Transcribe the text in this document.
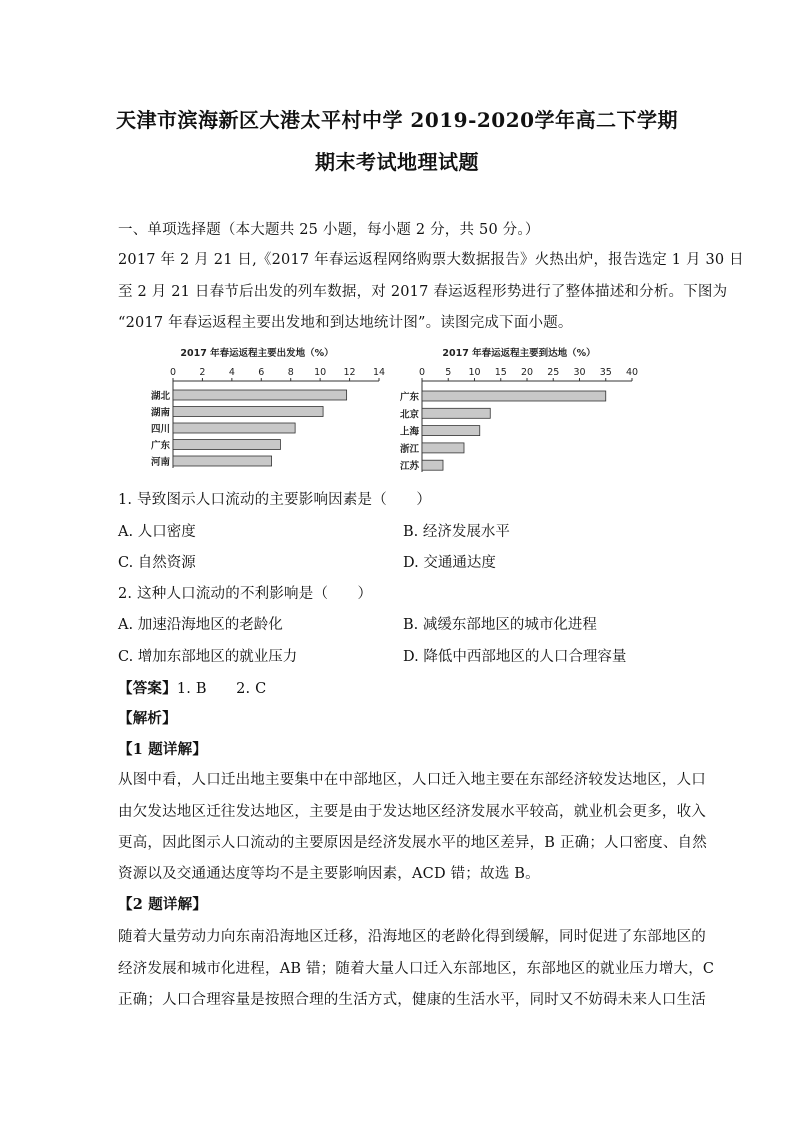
天津市滨海新区大港太平村中学 2019-2020学年高二下学期
期末考试地理试题
一、单项选择题（本大题共 25 小题，每小题 2 分，共 50 分。）
2017 年 2 月 21 日,《2017 年春运返程网络购票大数据报告》火热出炉，报告选定 1 月 30 日
至 2 月 21 日春节后出发的列车数据，对 2017 春运返程形势进行了整体描述和分析。下图为
“2017 年春运返程主要出发地和到达地统计图”。读图完成下面小题。
2017 年春运返程主要出发地（%）
0 2 4 6 8 10 12 14
湖北
湖南
四川
广东
河南
2017 年春运返程主要到达地（%）
0 5 10 15 20 25 30 35 40
广东
北京
上海
浙江
江苏
1. 导致图示人口流动的主要影响因素是（　　）
A. 人口密度	B. 经济发展水平
C. 自然资源	D. 交通通达度
2. 这种人口流动的不利影响是（　　）
A. 加速沿海地区的老龄化	B. 减缓东部地区的城市化进程
C. 增加东部地区的就业压力	D. 降低中西部地区的人口合理容量
【答案】1. B　　2. C
【解析】
【1 题详解】
从图中看，人口迁出地主要集中在中部地区，人口迁入地主要在东部经济较发达地区，人口
由欠发达地区迁往发达地区，主要是由于发达地区经济发展水平较高，就业机会更多，收入
更高，因此图示人口流动的主要原因是经济发展水平的地区差异，B 正确；人口密度、自然
资源以及交通通达度等均不是主要影响因素，ACD 错；故选 B。
【2 题详解】
随着大量劳动力向东南沿海地区迁移，沿海地区的老龄化得到缓解，同时促进了东部地区的
经济发展和城市化进程，AB 错；随着大量人口迁入东部地区，东部地区的就业压力增大，C
正确；人口合理容量是按照合理的生活方式，健康的生活水平，同时又不妨碍未来人口生活
